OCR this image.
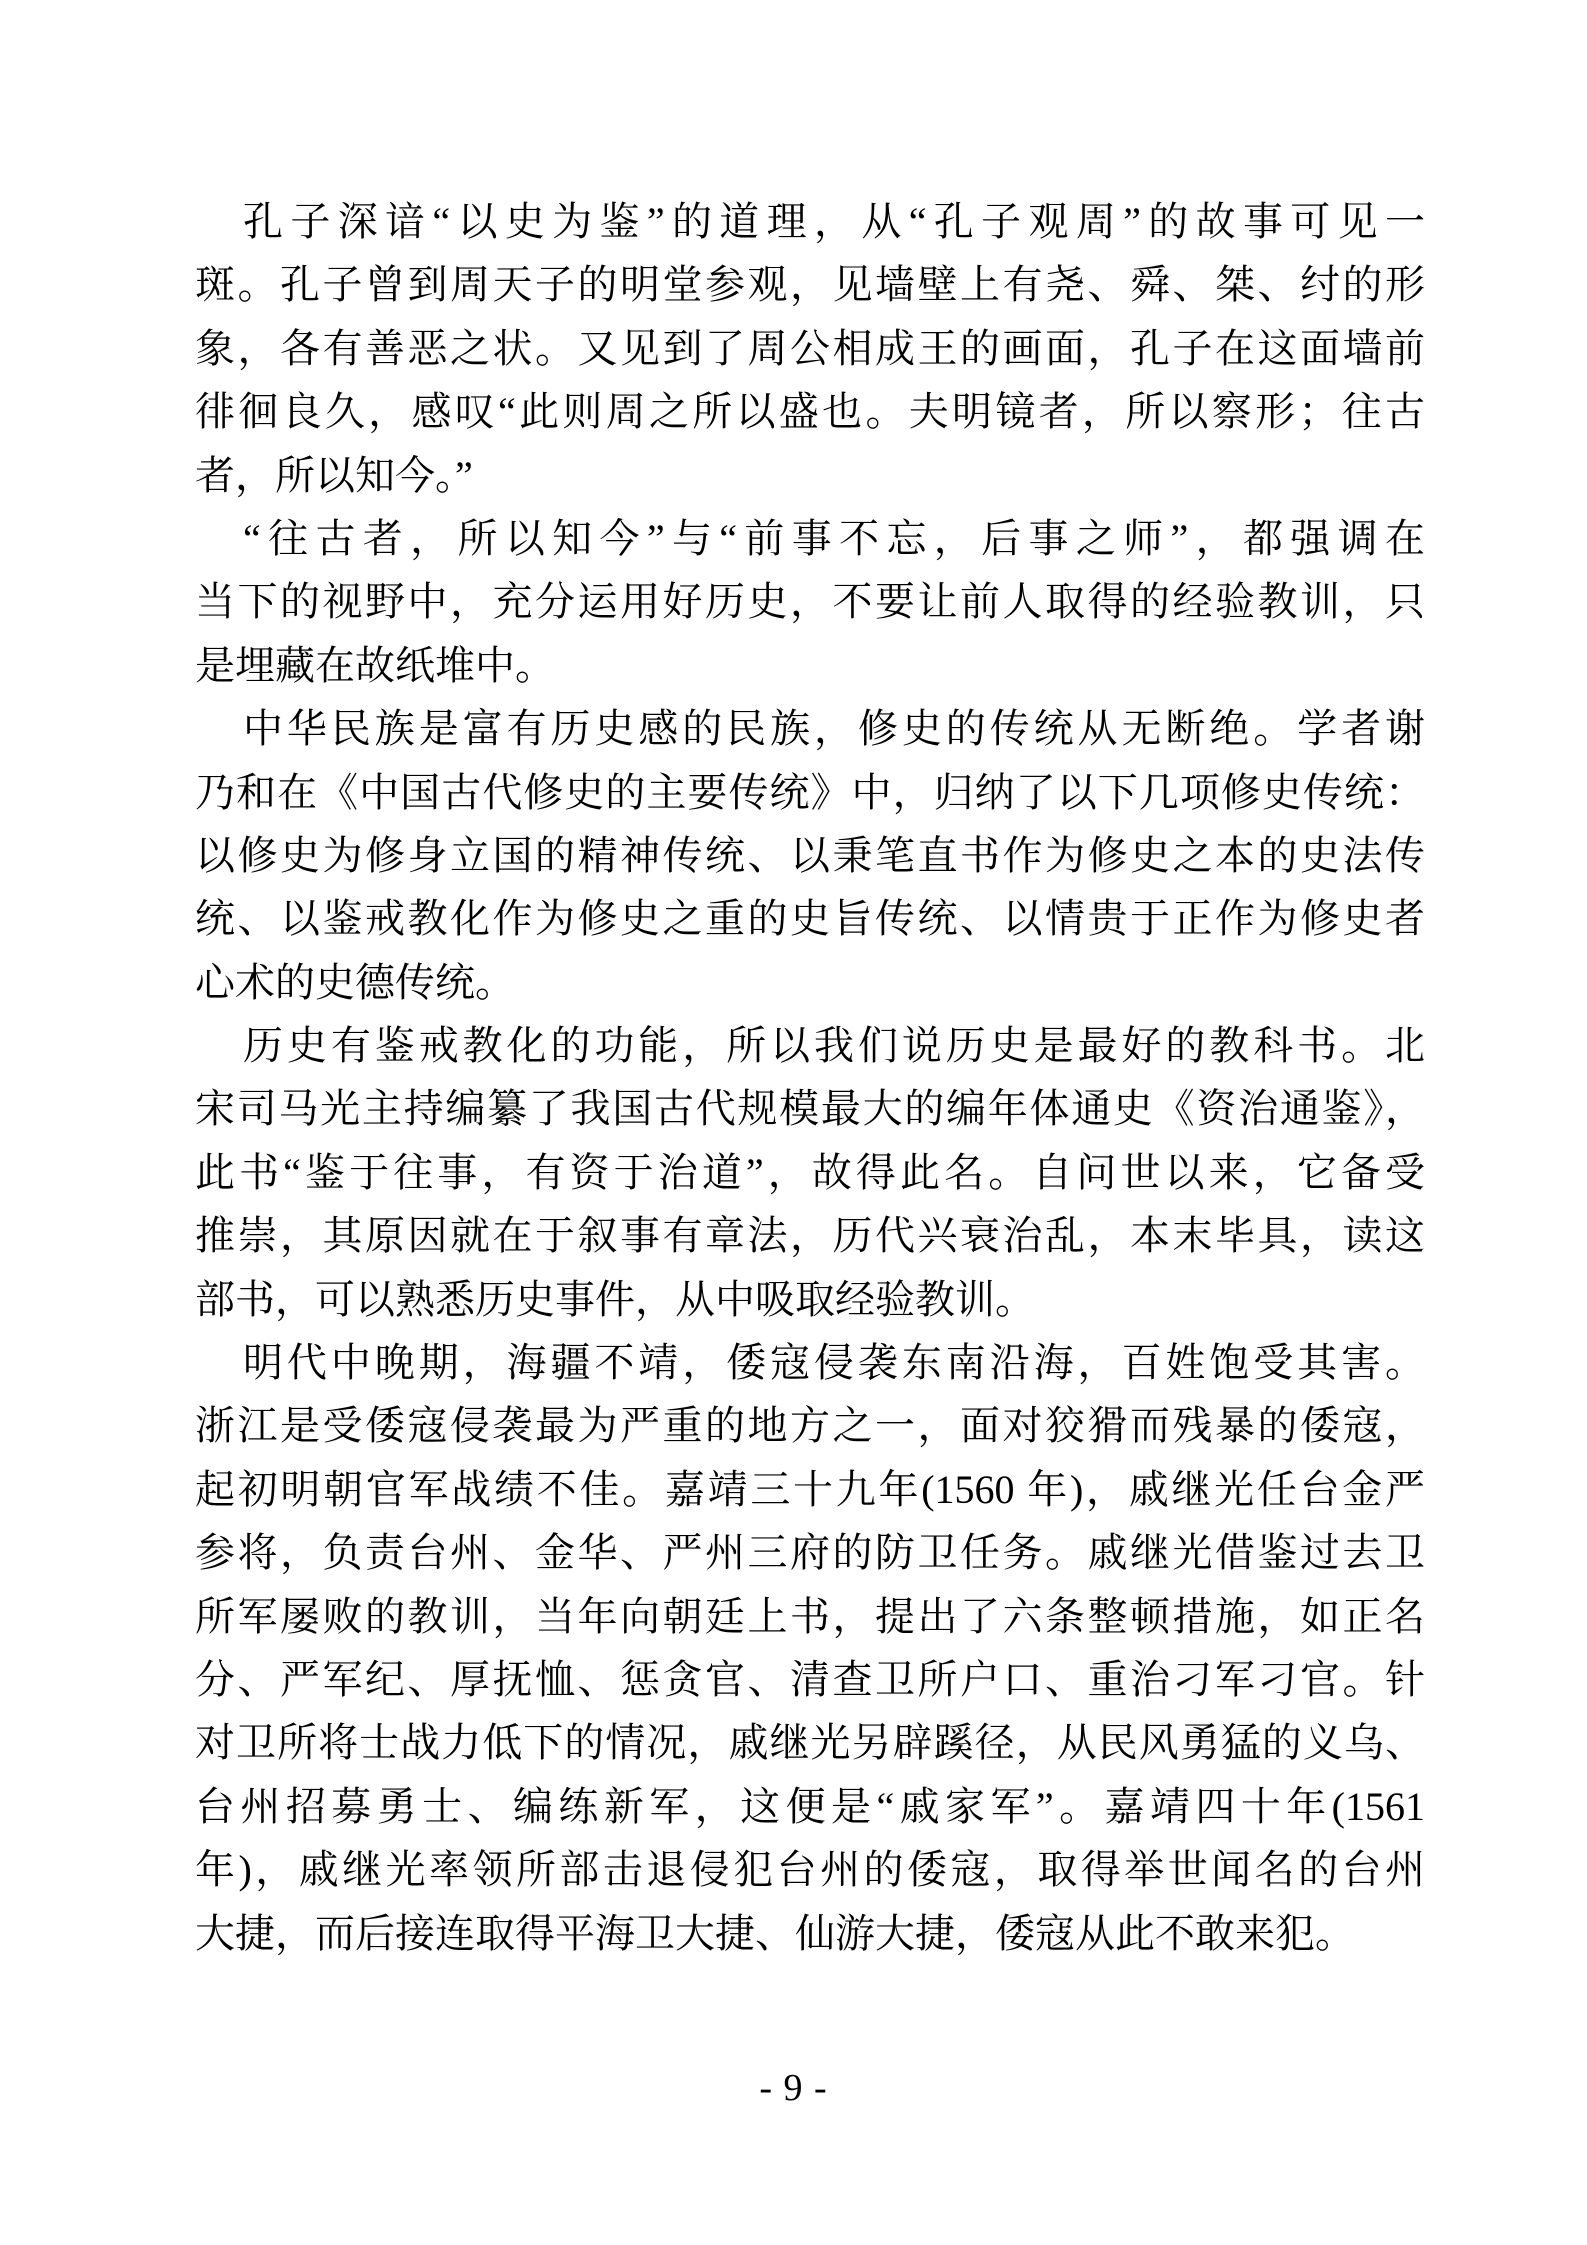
孔子深谙“以史为鉴”的道理，从“孔子观周”的故事可见一
斑。孔子曾到周天子的明堂参观，见墙壁上有尧、舜、桀、纣的形
象，各有善恶之状。又见到了周公相成王的画面，孔子在这面墙前
徘徊良久，感叹“此则周之所以盛也。夫明镜者，所以察形；往古
者，所以知今。”
“往古者，所以知今”与“前事不忘，后事之师”，都强调在
当下的视野中，充分运用好历史，不要让前人取得的经验教训，只
是埋藏在故纸堆中。
中华民族是富有历史感的民族，修史的传统从无断绝。学者谢
乃和在《中国古代修史的主要传统》中，归纳了以下几项修史传统：
以修史为修身立国的精神传统、以秉笔直书作为修史之本的史法传
统、以鉴戒教化作为修史之重的史旨传统、以情贵于正作为修史者
心术的史德传统。
历史有鉴戒教化的功能，所以我们说历史是最好的教科书。北
宋司马光主持编纂了我国古代规模最大的编年体通史《资治通鉴》，
此书“鉴于往事，有资于治道”，故得此名。自问世以来，它备受
推崇，其原因就在于叙事有章法，历代兴衰治乱，本末毕具，读这
部书，可以熟悉历史事件，从中吸取经验教训。
明代中晚期，海疆不靖，倭寇侵袭东南沿海，百姓饱受其害。
浙江是受倭寇侵袭最为严重的地方之一，面对狡猾而残暴的倭寇，
起初明朝官军战绩不佳。嘉靖三十九年(1560 年)，戚继光任台金严
参将，负责台州、金华、严州三府的防卫任务。戚继光借鉴过去卫
所军屡败的教训，当年向朝廷上书，提出了六条整顿措施，如正名
分、严军纪、厚抚恤、惩贪官、清查卫所户口、重治刁军刁官。针
对卫所将士战力低下的情况，戚继光另辟蹊径，从民风勇猛的义乌、
台州招募勇士、编练新军，这便是“戚家军”。嘉靖四十年(1561
年)，戚继光率领所部击退侵犯台州的倭寇，取得举世闻名的台州
大捷，而后接连取得平海卫大捷、仙游大捷，倭寇从此不敢来犯。
- 9 -
